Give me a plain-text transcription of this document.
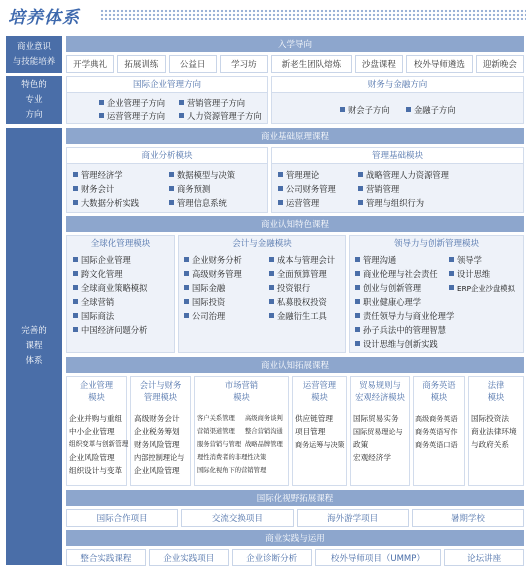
培养体系
商业意识
与技能培养
特色的
专业
方向
完善的
课程
体系
入学导向
开学典礼	拓展训练	公益日	学习坊	新老生团队熔炼	沙盘课程	校外导师遴选	迎新晚会
国际企业管理方向
企业管理子方向
运营管理子方向
营销管理子方向
人力资源管理子方向
财务与金融方向
财会子方向	金融子方向
商业基础原理课程
商业分析模块
管理经济学
财务会计
大数据分析实践
数据模型与决策
商务预测
管理信息系统
管理基础模块
管理理论
公司财务管理
运营管理
战略管理人力资源管理
营销管理
管理与组织行为
商业认知特色课程
全球化管理模块
国际企业管理
跨文化管理
全球商业策略模拟
全球营销
国际商法
中国经济问题分析
会计与金融模块
企业财务分析
高级财务管理
国际金融
国际投资
公司治理
成本与管理会计
全面预算管理
投资银行
私募股权投资
金融衍生工具
领导力与创新管理模块
管理沟通
商业伦理与社会责任
创业与创新管理
职业健康心理学
责任领导力与商业伦理学
孙子兵法中的管理智慧
设计思维与创新实践
领导学
设计思维
ERP企业沙盘模拟
商业认知拓展课程
企业管理
模块
企业并购与重组
中小企业管理
组织变革与创新管理
企业风险管理
组织设计与变革
会计与财务
管理模块
高级财务会计
企业税务筹划
财务风险管理
内部控制理论与
企业风险管理
市场营销
模块
客户关系管理
营销渠道管理
服务营销与管理
理性消费者的非理性决策
国际化视角下的营销管理
高级商务谈判
整合营销沟通
战略品牌管理
运营管理
模块
供应链管理
项目管理
商务运筹与决策
贸易规则与
宏观经济模块
国际贸易实务
国际贸易理论与
政策
宏观经济学
商务英语
模块
高级商务英语
商务英语写作
商务英语口语
法律
模块
国际投资法
商业法律环境
与政府关系
国际化视野拓展课程
国际合作项目	交流交换项目	海外游学项目	暑期学校
商业实践与运用
整合实践课程	企业实践项目	企业诊断分析	校外导师项目（UMMP）	论坛讲座
